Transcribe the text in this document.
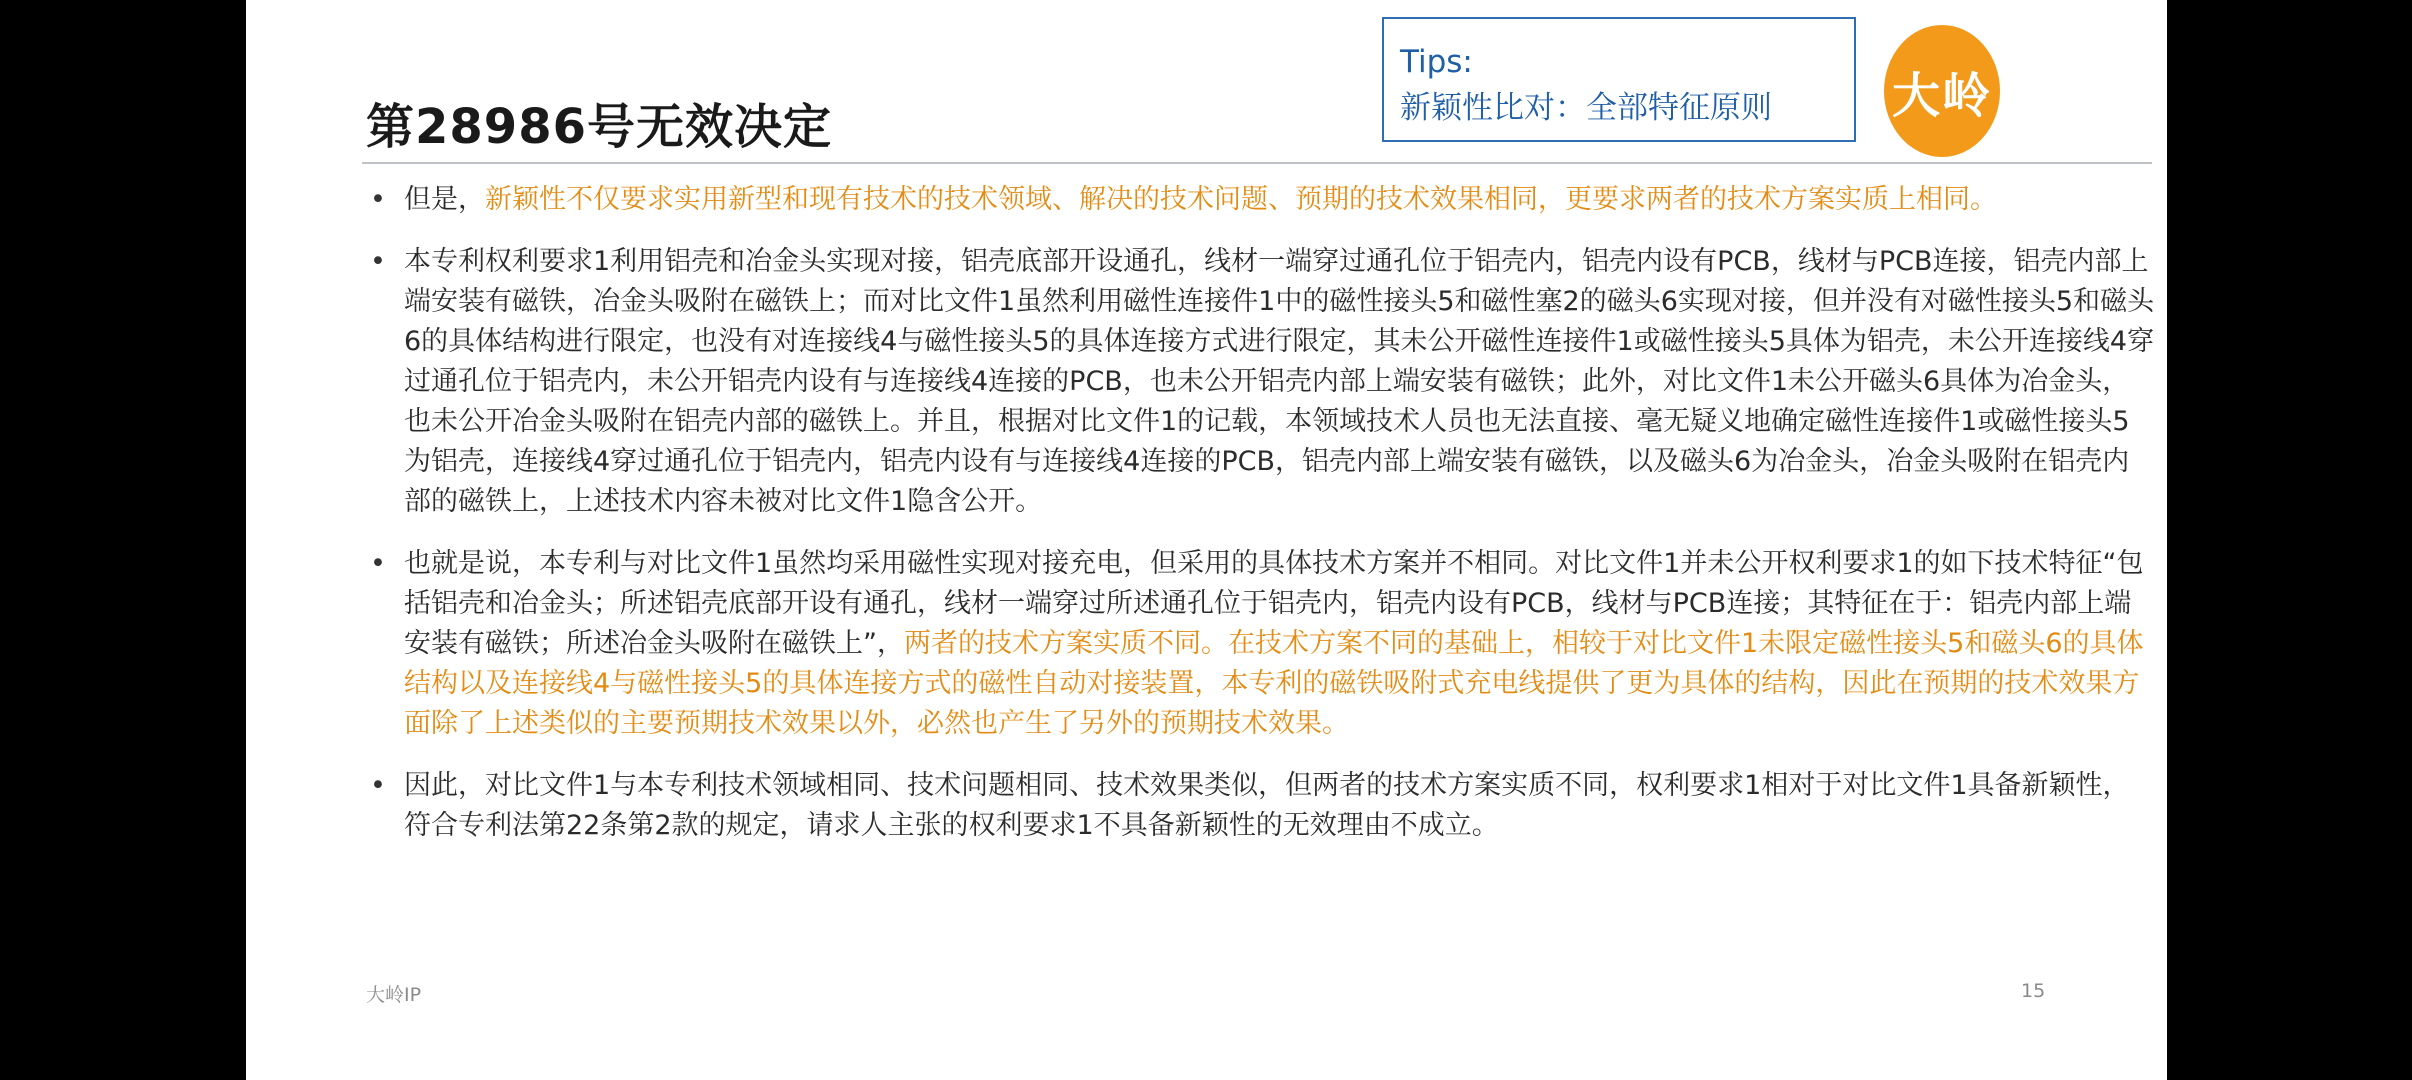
第28986号无效决定
Tips:
新颖性比对：全部特征原则	大岭
• 但是，新颖性不仅要求实用新型和现有技术的技术领域、解决的技术问题、预期的技术效果相同，更要求两者的技术方案实质上相同。
• 本专利权利要求1利用铝壳和冶金头实现对接，铝壳底部开设通孔，线材一端穿过通孔位于铝壳内，铝壳内设有PCB，线材与PCB连接，铝壳内部上端安装有磁铁，冶金头吸附在磁铁上；而对比文件1虽然利用磁性连接件1中的磁性接头5和磁性塞2的磁头6实现对接，但并没有对磁性接头5和磁头6的具体结构进行限定，也没有对连接线4与磁性接头5的具体连接方式进行限定，其未公开磁性连接件1或磁性接头5具体为铝壳，未公开连接线4穿过通孔位于铝壳内，未公开铝壳内设有与连接线4连接的PCB，也未公开铝壳内部上端安装有磁铁；此外，对比文件1未公开磁头6具体为冶金头，也未公开冶金头吸附在铝壳内部的磁铁上。并且，根据对比文件1的记载，本领域技术人员也无法直接、毫无疑义地确定磁性连接件1或磁性接头5为铝壳，连接线4穿过通孔位于铝壳内，铝壳内设有与连接线4连接的PCB，铝壳内部上端安装有磁铁，以及磁头6为冶金头，冶金头吸附在铝壳内部的磁铁上，上述技术内容未被对比文件1隐含公开。
• 也就是说，本专利与对比文件1虽然均采用磁性实现对接充电，但采用的具体技术方案并不相同。对比文件1并未公开权利要求1的如下技术特征“包括铝壳和冶金头；所述铝壳底部开设有通孔，线材一端穿过所述通孔位于铝壳内，铝壳内设有PCB，线材与PCB连接；其特征在于：铝壳内部上端安装有磁铁；所述冶金头吸附在磁铁上”，两者的技术方案实质不同。在技术方案不同的基础上，相较于对比文件1未限定磁性接头5和磁头6的具体结构以及连接线4与磁性接头5的具体连接方式的磁性自动对接装置，本专利的磁铁吸附式充电线提供了更为具体的结构，因此在预期的技术效果方面除了上述类似的主要预期技术效果以外，必然也产生了另外的预期技术效果。
• 因此，对比文件1与本专利技术领域相同、技术问题相同、技术效果类似，但两者的技术方案实质不同，权利要求1相对于对比文件1具备新颖性，符合专利法第22条第2款的规定，请求人主张的权利要求1不具备新颖性的无效理由不成立。
大岭IP	15
